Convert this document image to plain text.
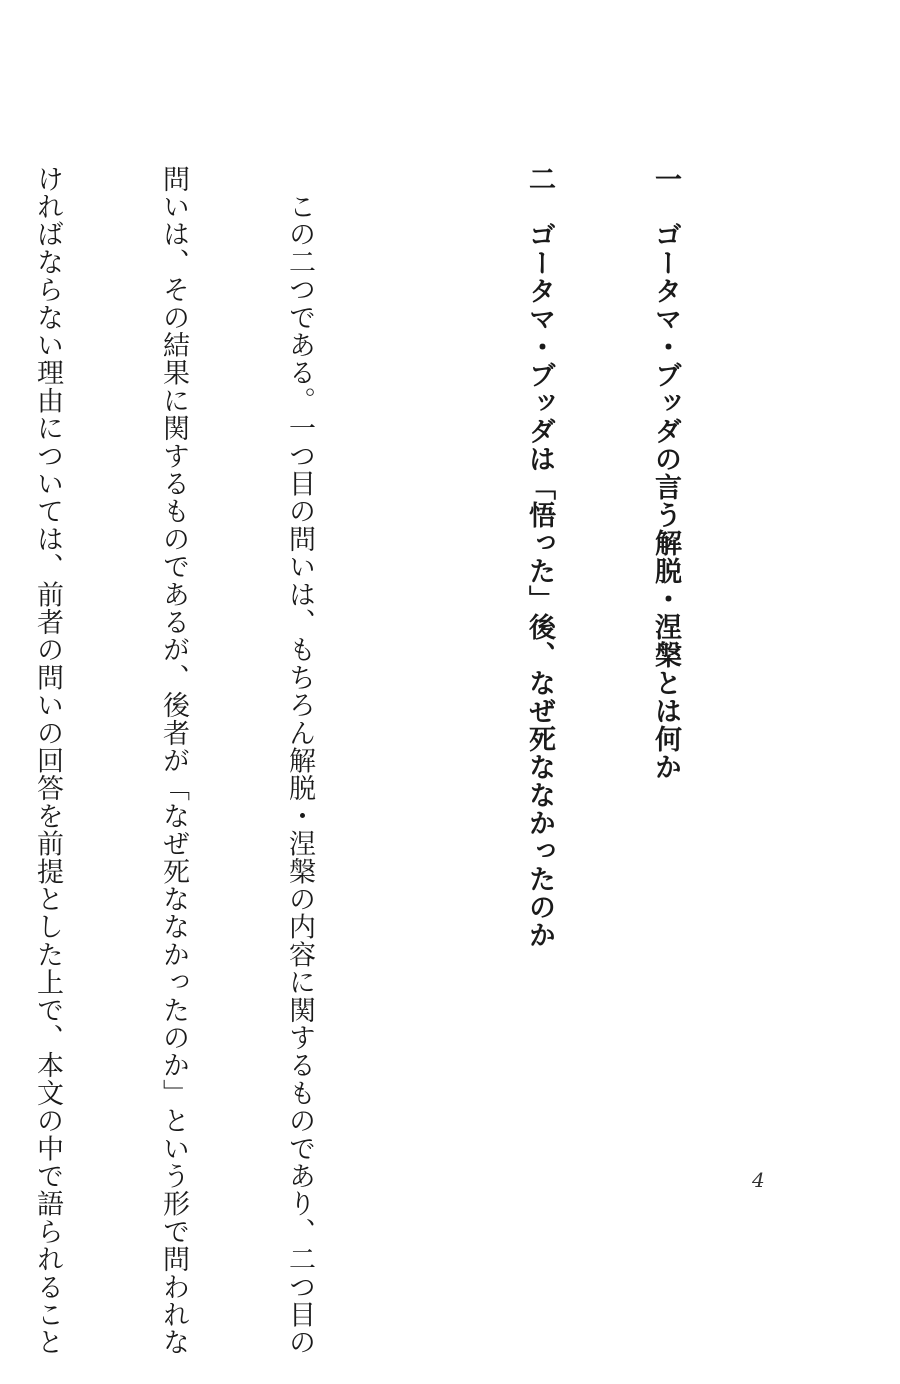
一　ゴータマ・ブッダの言う解脱・涅槃とは何か

二　ゴータマ・ブッダは「悟った」後、なぜ死ななかったのか

　この二つである。一つ目の問いは、もちろん解脱・涅槃の内容に関するものであり、二つ目の

問いは、その結果に関するものであるが、後者が「なぜ死ななかったのか」という形で問われな

ければならない理由については、前者の問いの回答を前提とした上で、本文の中で語られること

	4
